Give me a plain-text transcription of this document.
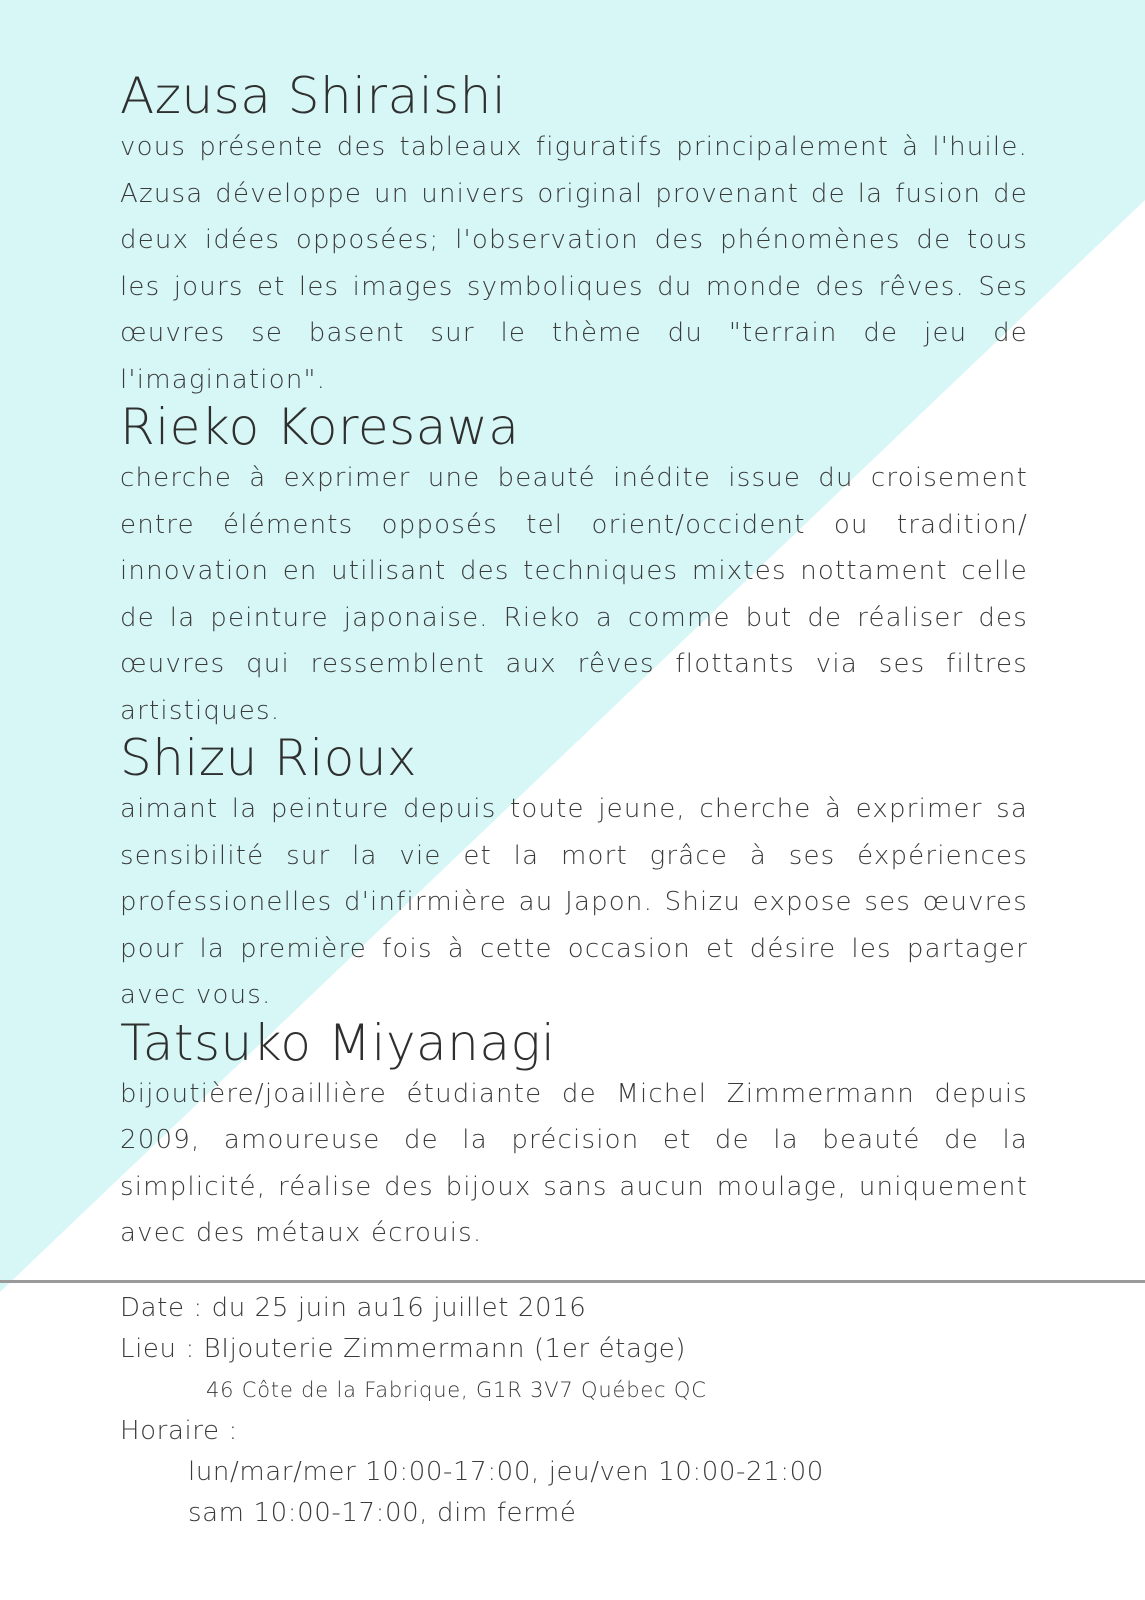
Azusa Shiraishi

vous présente des tableaux figuratifs principalement à l'huile. Azusa développe un univers original provenant de la fusion de deux idées opposées; l'observation des phénomènes de tous les jours et les images symboliques du monde des rêves. Ses œuvres se basent sur le thème du "terrain de jeu de l'imagination".

Rieko Koresawa

cherche à exprimer une beauté inédite issue du croisement entre éléments opposés tel orient/occident ou tradition/ innovation en utilisant des techniques mixtes nottament celle de la peinture japonaise. Rieko a comme but de réaliser des œuvres qui ressemblent aux rêves flottants via ses filtres artistiques.

Shizu Rioux

aimant la peinture depuis toute jeune, cherche à exprimer sa sensibilité sur la vie et la mort grâce à ses éxpériences professionelles d'infirmière au Japon. Shizu expose ses œuvres pour la première fois à cette occasion et désire les partager avec vous.

Tatsuko Miyanagi

bijoutière/joaillière étudiante de Michel Zimmermann depuis 2009, amoureuse de la précision et de la beauté de la simplicité, réalise des bijoux sans aucun moulage, uniquement avec des métaux écrouis.

Date : du 25 juin au16 juillet 2016

Lieu : BIjouterie Zimmermann (1er étage)

46 Côte de la Fabrique, G1R 3V7 Québec QC

Horaire :

lun/mar/mer 10:00-17:00, jeu/ven 10:00-21:00

sam 10:00-17:00, dim fermé
